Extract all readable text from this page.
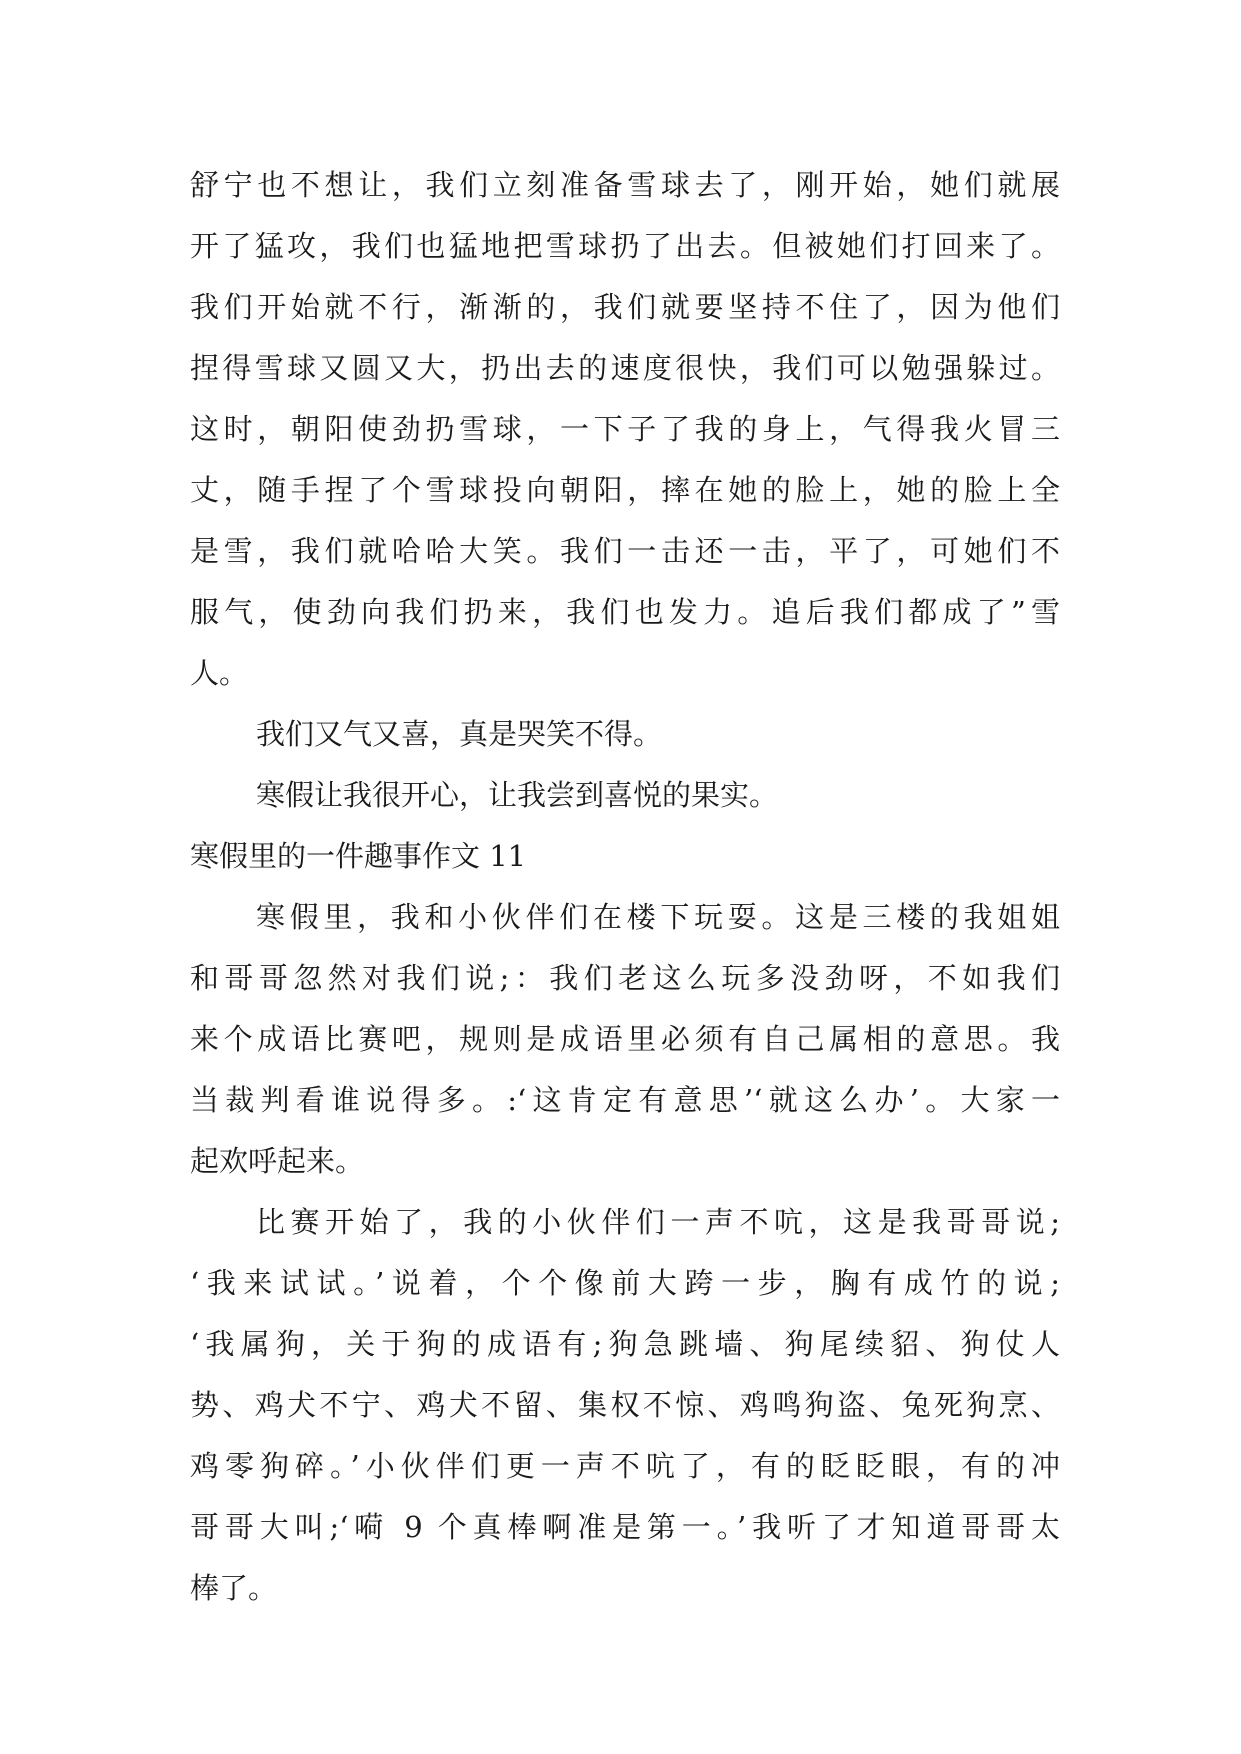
舒宁也不想让，我们立刻准备雪球去了，刚开始，她们就展
开了猛攻，我们也猛地把雪球扔了出去。但被她们打回来了。
我们开始就不行，渐渐的，我们就要坚持不住了，因为他们
捏得雪球又圆又大，扔出去的速度很快，我们可以勉强躲过。
这时，朝阳使劲扔雪球，一下子了我的身上，气得我火冒三
丈，随手捏了个雪球投向朝阳，摔在她的脸上，她的脸上全
是雪，我们就哈哈大笑。我们一击还一击，平了，可她们不
服气，使劲向我们扔来，我们也发力。追后我们都成了”雪
人。
我们又气又喜，真是哭笑不得。
寒假让我很开心，让我尝到喜悦的果实。
寒假里的一件趣事作文 11
寒假里，我和小伙伴们在楼下玩耍。这是三楼的我姐姐
和哥哥忽然对我们说;：我们老这么玩多没劲呀，不如我们
来个成语比赛吧，规则是成语里必须有自己属相的意思。我
当裁判看谁说得多。:‘这肯定有意思’‘就这么办’。大家一
起欢呼起来。
比赛开始了，我的小伙伴们一声不吭，这是我哥哥说;
‘我来试试。’说着，个个像前大跨一步，胸有成竹的说;
‘我属狗，关于狗的成语有;狗急跳墙、狗尾续貂、狗仗人
势、鸡犬不宁、鸡犬不留、集权不惊、鸡鸣狗盗、兔死狗烹、
鸡零狗碎。’小伙伴们更一声不吭了，有的眨眨眼，有的冲
哥哥大叫;‘嗬 9 个真棒啊准是第一。’我听了才知道哥哥太
棒了。
